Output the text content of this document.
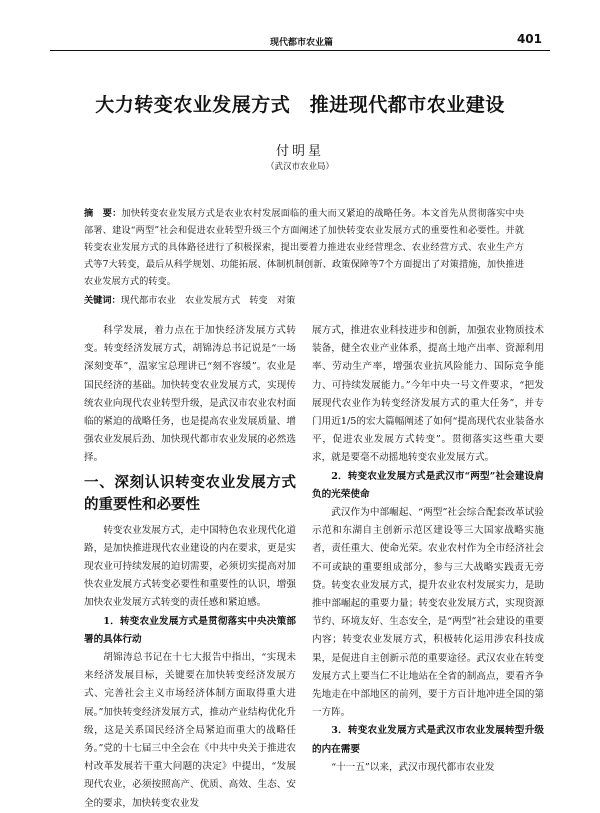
现代都市农业篇	401
大力转变农业发展方式　推进现代都市农业建设
付明星
（武汉市农业局）
摘　要：加快转变农业发展方式是农业农村发展面临的重大而又紧迫的战略任务。本文首先从贯彻落实中央部署、建设“两型”社会和促进农业转型升级三个方面阐述了加快转变农业发展方式的重要性和必要性。并就转变农业发展方式的具体路径进行了积极探索，提出要着力推进农业经营理念、农业经营方式、农业生产方式等7大转变，最后从科学规划、功能拓展、体制机制创新、政策保障等7个方面提出了对策措施，加快推进农业发展方式的转变。
关键词：现代都市农业　农业发展方式　转变　对策

科学发展，着力点在于加快经济发展方式转变。转变经济发展方式，胡锦涛总书记说是“一场深刻变革”，温家宝总理讲已“刻不容缓”。农业是国民经济的基础。加快转变农业发展方式，实现传统农业向现代农业转型升级，是武汉市农业农村面临的紧迫的战略任务，也是提高农业发展质量、增强农业发展后劲、加快现代都市农业发展的必然选择。

一、深刻认识转变农业发展方式的重要性和必要性

转变农业发展方式，走中国特色农业现代化道路，是加快推进现代农业建设的内在要求，更是实现农业可持续发展的迫切需要，必须切实提高对加快农业发展方式转变必要性和重要性的认识，增强加快农业发展方式转变的责任感和紧迫感。

1．转变农业发展方式是贯彻落实中央决策部署的具体行动

胡锦涛总书记在十七大报告中指出，“实现未来经济发展目标，关键要在加快转变经济发展方式、完善社会主义市场经济体制方面取得重大进展。”加快转变经济发展方式，推动产业结构优化升级，这是关系国民经济全局紧迫而重大的战略任务。”党的十七届三中全会在《中共中央关于推进农村改革发展若干重大问题的决定》中提出，“发展现代农业，必须按照高产、优质、高效、生态、安全的要求，加快转变农业发

展方式，推进农业科技进步和创新，加强农业物质技术装备，健全农业产业体系，提高土地产出率、资源利用率、劳动生产率，增强农业抗风险能力、国际竞争能力、可持续发展能力。”今年中央一号文件要求，“把发展现代农业作为转变经济发展方式的重大任务”，并专门用近1/5的宏大篇幅阐述了如何“提高现代农业装备水平，促进农业发展方式转变”。贯彻落实这些重大要求，就是要毫不动摇地转变农业发展方式。

2．转变农业发展方式是武汉市“两型”社会建设肩负的光荣使命

武汉作为中部崛起、“两型”社会综合配套改革试验示范和东湖自主创新示范区建设等三大国家战略实施者，责任重大、使命光荣。农业农村作为全市经济社会不可或缺的重要组成部分，参与三大战略实践责无旁贷。转变农业发展方式，提升农业农村发展实力，是助推中部崛起的重要力量；转变农业发展方式，实现资源节约、环境友好、生态安全，是“两型”社会建设的重要内容；转变农业发展方式，积极转化运用涉农科技成果，是促进自主创新示范的重要途径。武汉农业在转变发展方式上要当仁不让地站在全省的制高点，要看齐争先地走在中部地区的前列，要于方百计地冲进全国的第一方阵。

3．转变农业发展方式是武汉市农业发展转型升级的内在需要

“十一五”以来，武汉市现代都市农业发
